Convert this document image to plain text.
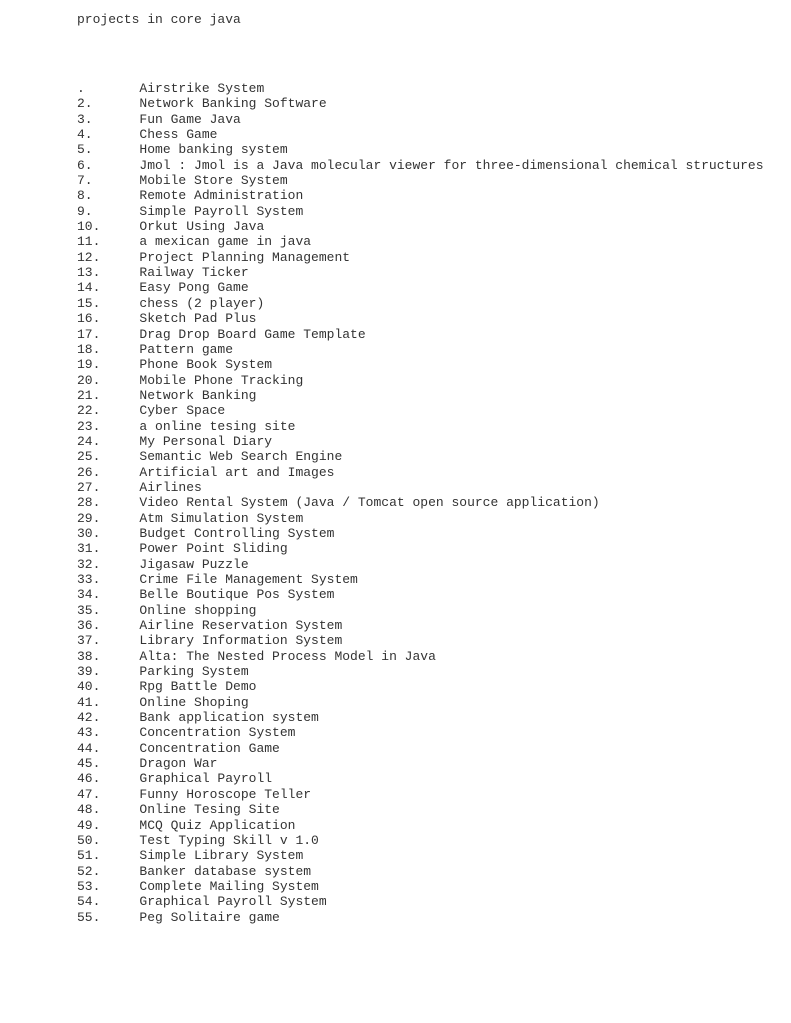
projects in core java
.       Airstrike System
2.      Network Banking Software
3.      Fun Game Java
4.      Chess Game
5.      Home banking system
6.      Jmol : Jmol is a Java molecular viewer for three-dimensional chemical structures
7.      Mobile Store System
8.      Remote Administration
9.      Simple Payroll System
10.     Orkut Using Java
11.     a mexican game in java
12.     Project Planning Management
13.     Railway Ticker
14.     Easy Pong Game
15.     chess (2 player)
16.     Sketch Pad Plus
17.     Drag Drop Board Game Template
18.     Pattern game
19.     Phone Book System
20.     Mobile Phone Tracking
21.     Network Banking
22.     Cyber Space
23.     a online tesing site
24.     My Personal Diary
25.     Semantic Web Search Engine
26.     Artificial art and Images
27.     Airlines
28.     Video Rental System (Java / Tomcat open source application)
29.     Atm Simulation System
30.     Budget Controlling System
31.     Power Point Sliding
32.     Jigasaw Puzzle
33.     Crime File Management System
34.     Belle Boutique Pos System
35.     Online shopping
36.     Airline Reservation System
37.     Library Information System
38.     Alta: The Nested Process Model in Java
39.     Parking System
40.     Rpg Battle Demo
41.     Online Shoping
42.     Bank application system
43.     Concentration System
44.     Concentration Game
45.     Dragon War
46.     Graphical Payroll
47.     Funny Horoscope Teller
48.     Online Tesing Site
49.     MCQ Quiz Application
50.     Test Typing Skill v 1.0
51.     Simple Library System
52.     Banker database system
53.     Complete Mailing System
54.     Graphical Payroll System
55.     Peg Solitaire game
